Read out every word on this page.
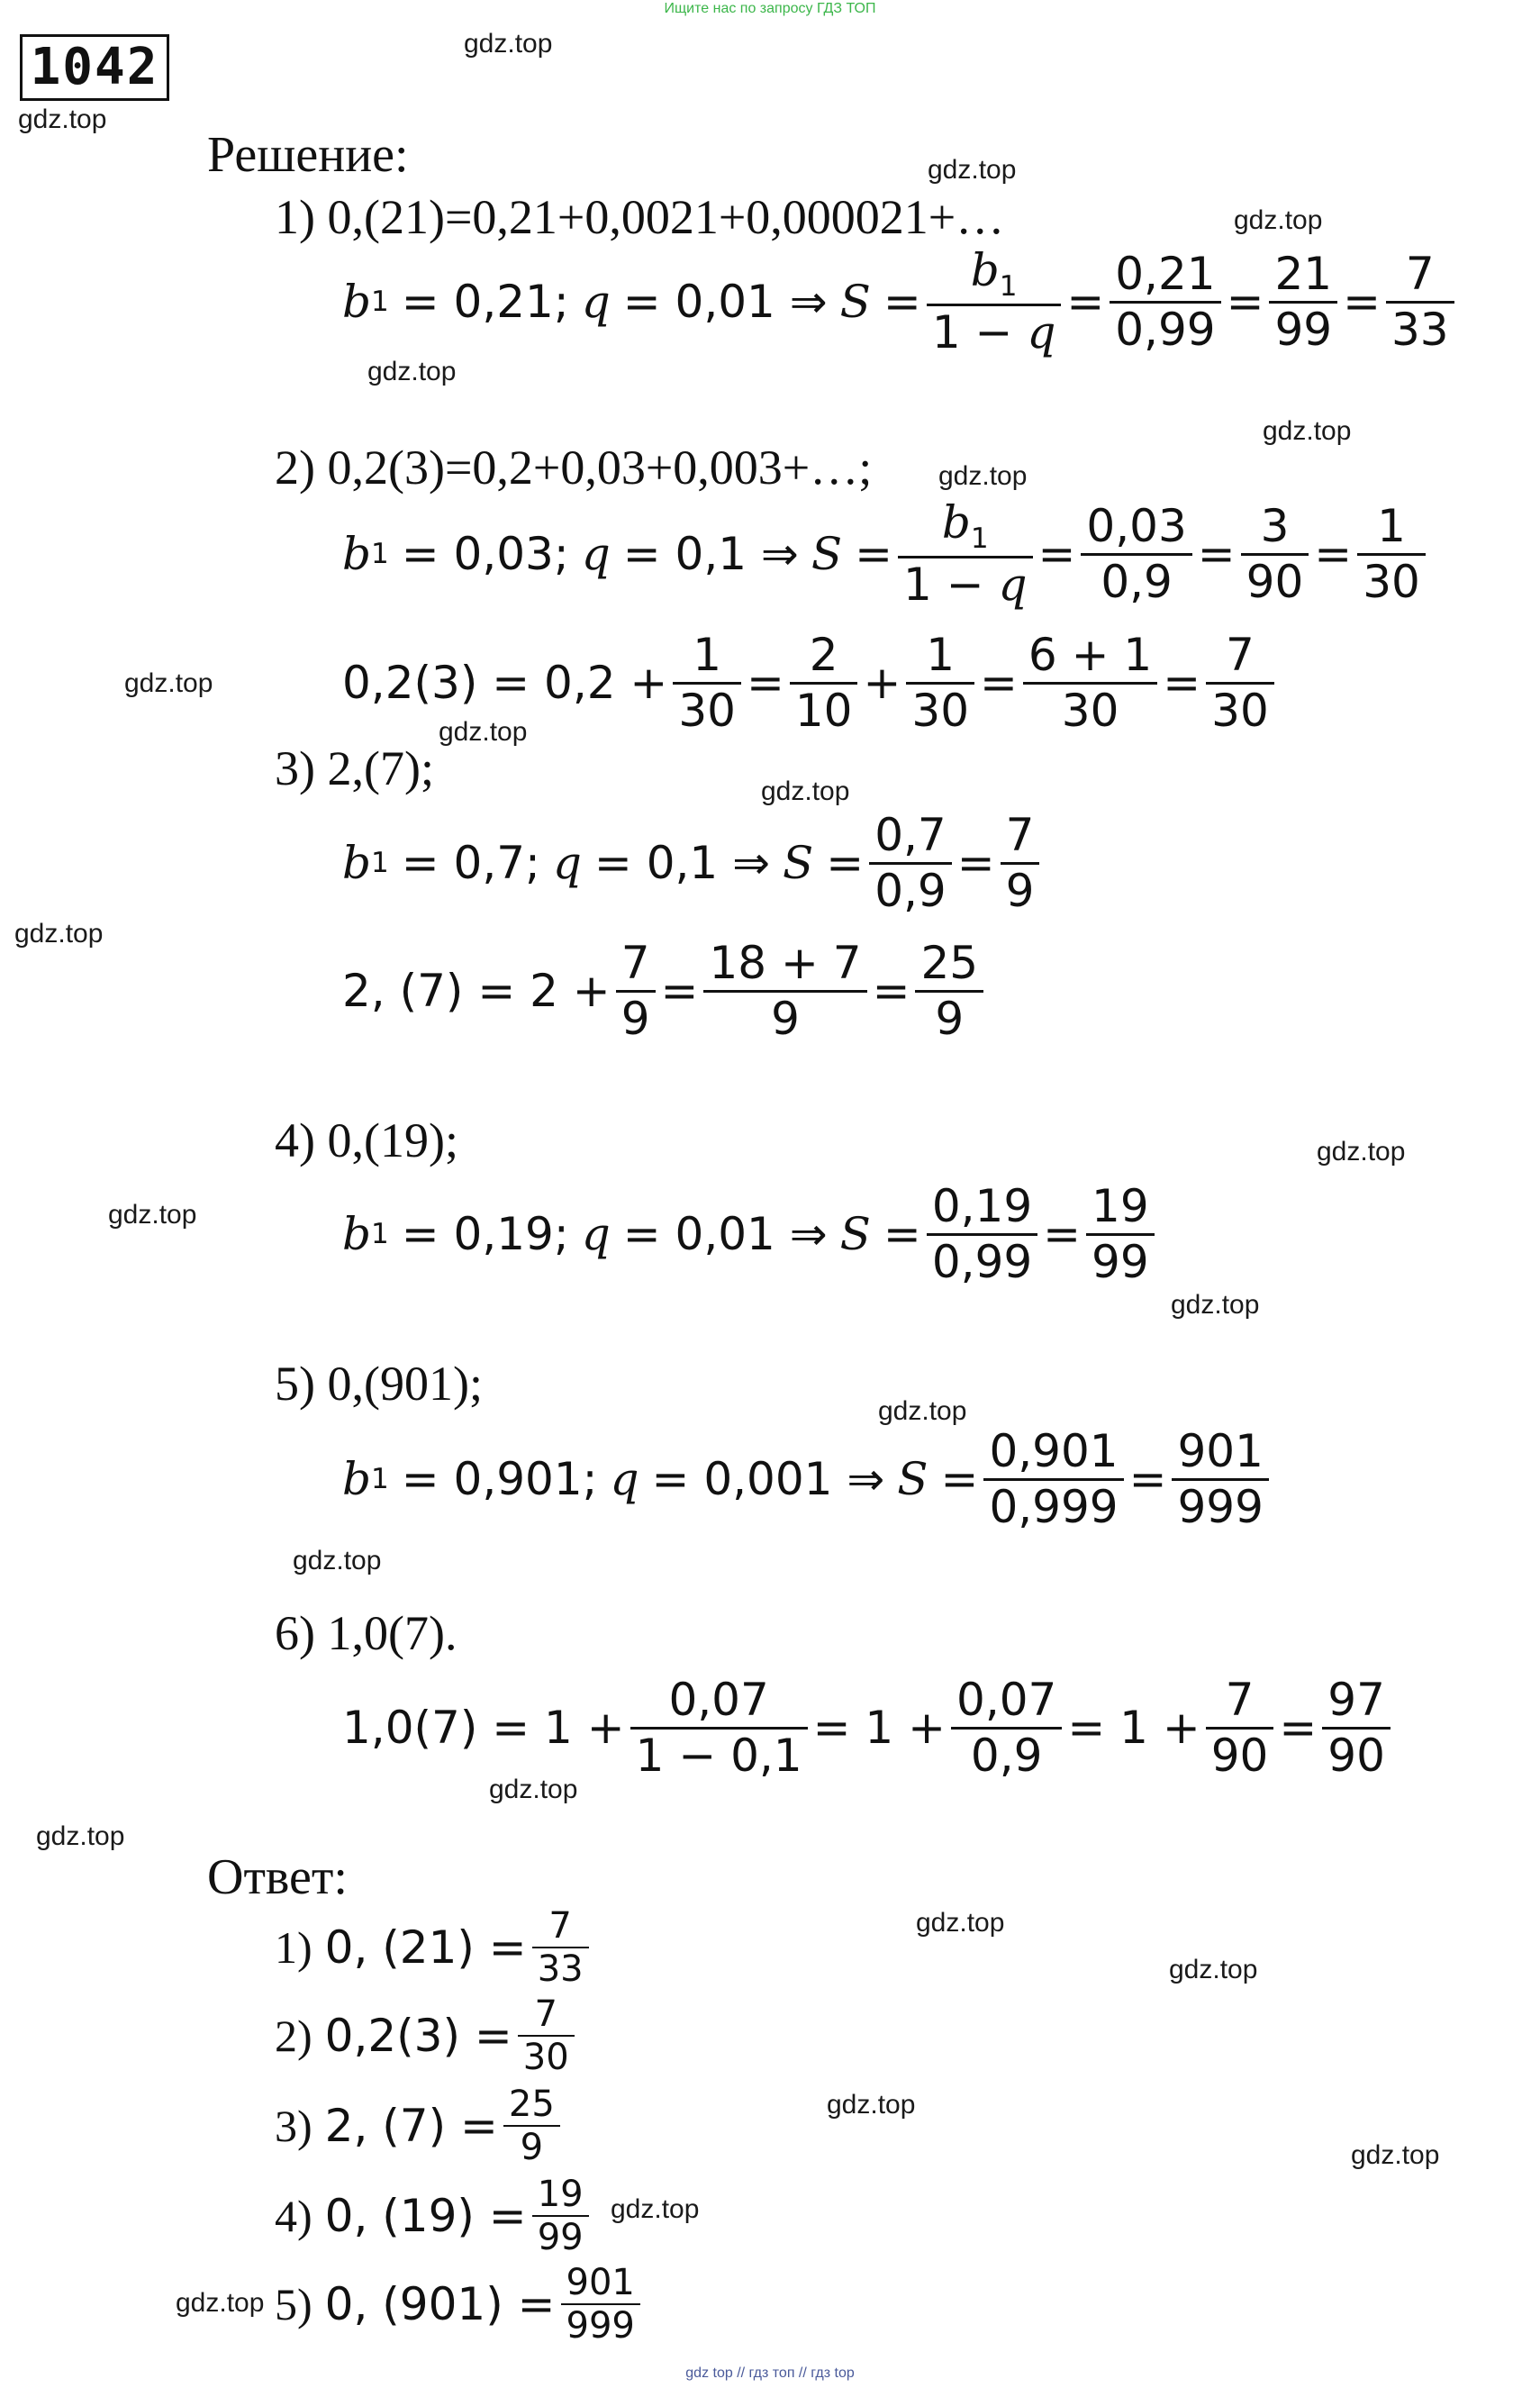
Ищите нас по запросу ГДЗ ТОП
1042
Решение:
1) 0,(21)=0,21+0,0021+0,000021+…
b 1 = 0,21; q = 0,01 ⇒ $S = \frac{b_1}{1 - q} = \frac{0,21}{0,99} = \frac{21}{99} = \frac{7}{33}$
2) 0,2(3)=0,2+0,03+0,003+…;
b 1 = 0,03; q = 0,1 ⇒ $S = \frac{b_1}{1 - q} = \frac{0,03}{0,9} = \frac{3}{90} = \frac{1}{30}$
$0,2(3) = 0,2 + \frac{1}{30} = \frac{2}{10} + \frac{1}{30} = \frac{6 + 1}{30} = \frac{7}{30}$
3) 2,(7);
b 1 = 0,7; q = 0,1 ⇒ $S = \frac{0,7}{0,9} = \frac{7}{9}$
2, $(7) = 2 + \frac{7}{9} = \frac{18 + 7}{9} = \frac{25}{9}$
4) 0,(19);
b 1 = 0,19; q = 0,01 ⇒ $S = \frac{0,19}{0,99} = \frac{19}{99}$
5) 0,(901);
b 1 = 0,901; q = 0,001 ⇒ $S = \frac{0,901}{0,999} = \frac{901}{999}$
6) 1,0(7).
$1,0(7) = 1 + \frac{0,07}{1 - 0,1} = 1 + \frac{0,07}{0,9} = 1 + \frac{7}{90} = \frac{97}{90}$
Ответ:
1) 0, $(21) = \frac{7}{33}$
2) $0,2(3) = \frac{7}{30}$
3) 2, $(7) = \frac{25}{9}$
4) 0, $(19) = \frac{19}{99}$
5) 0, $(901) = \frac{901}{999}$
gdz.top
gdz.top
gdz.top
gdz.top
gdz.top
gdz.top
gdz.top
gdz.top
gdz.top
gdz.top
gdz.top
gdz.top
gdz.top
gdz.top
gdz.top
gdz.top
gdz.top
gdz.top
gdz.top
gdz.top
gdz.top
gdz.top
gdz.top
gdz.top
gdz top // гдз топ // гдз top
